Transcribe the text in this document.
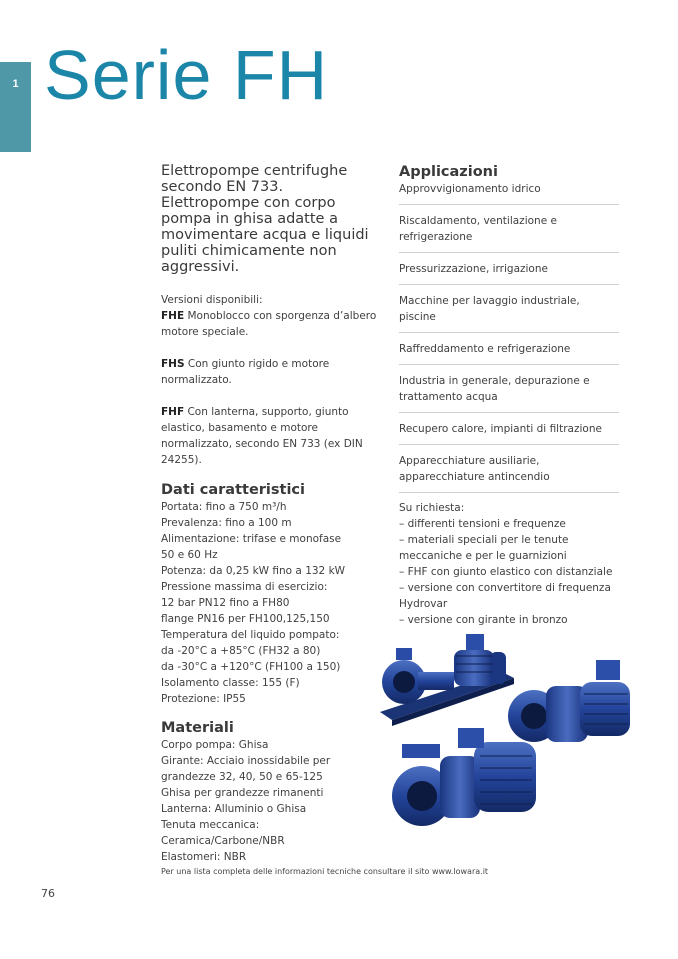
1 Serie FH

Elettropompe centrifughe secondo EN 733. Elettropompe con corpo pompa in ghisa adatte a movimentare acqua e liquidi puliti chimicamente non aggressivi.

Versioni disponibili:
FHE Monoblocco con sporgenza d’albero motore speciale.
FHS Con giunto rigido e motore normalizzato.
FHF Con lanterna, supporto, giunto elastico, basamento e motore normalizzato, secondo EN 733 (ex DIN 24255).
Dati caratteristici
Portata: fino a 750 m³/h
Prevalenza: fino a 100 m
Alimentazione: trifase e monofase
50 e 60 Hz
Potenza: da 0,25 kW fino a 132 kW
Pressione massima di esercizio:
12 bar PN12 fino a FH80
flange PN16 per FH100,125,150
Temperatura del liquido pompato:
da -20°C a +85°C (FH32 a 80)
da -30°C a +120°C (FH100 a 150)
Isolamento classe: 155 (F)
Protezione: IP55
Materiali
Corpo pompa: Ghisa
Girante: Acciaio inossidabile per
grandezze 32, 40, 50 e 65-125
Ghisa per grandezze rimanenti
Lanterna: Alluminio o Ghisa
Tenuta meccanica: Ceramica/Carbone/NBR
Elastomeri: NBR
Applicazioni
Approvvigionamento idrico
Riscaldamento, ventilazione e refrigerazione
Pressurizzazione, irrigazione
Macchine per lavaggio industriale, piscine
Raffreddamento e refrigerazione
Industria in generale, depurazione e trattamento acqua
Recupero calore, impianti di filtrazione
Apparecchiature ausiliarie, apparecchiature antincendio
Su richiesta:
– differenti tensioni e frequenze
– materiali speciali per le tenute
meccaniche e per le guarnizioni
– FHF con giunto elastico con distanziale
– versione con convertitore di frequenza
Hydrovar
– versione con girante in bronzo
Per una lista completa delle informazioni tecniche consultare il sito www.lowara.it
76
